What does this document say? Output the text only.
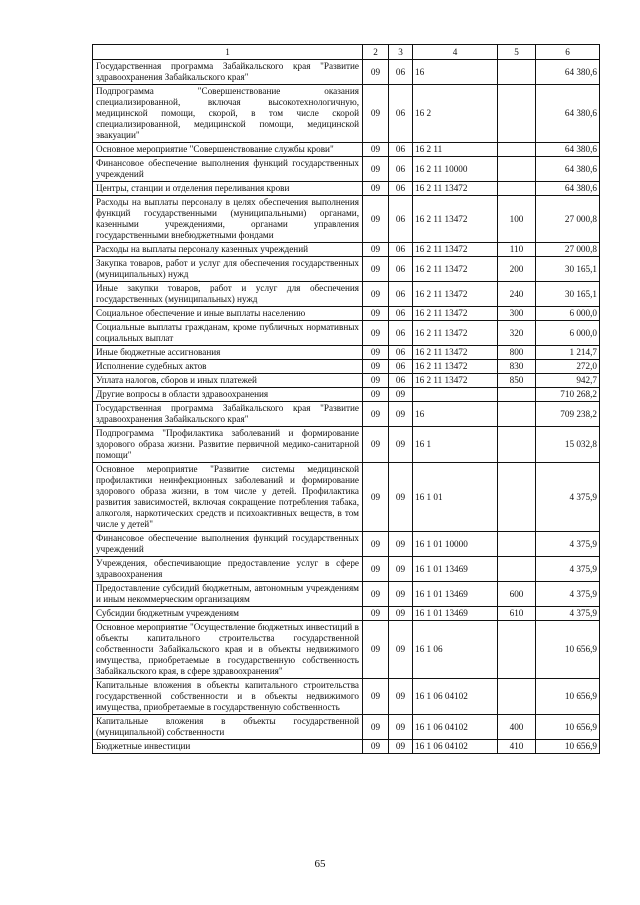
1	2	3	4	5	6
Государственная программа Забайкальского края "Развитие здравоохранения Забайкальского края"	09	06	16		64 380,6
Подпрограмма "Совершенствование оказания специализированной, включая высокотехнологичную, медицинской помощи, скорой, в том числе скорой специализированной, медицинской помощи, медицинской эвакуации"	09	06	16 2		64 380,6
Основное мероприятие "Совершенствование службы крови"	09	06	16 2 11		64 380,6
Финансовое обеспечение выполнения функций государственных учреждений	09	06	16 2 11 10000		64 380,6
Центры, станции и отделения переливания крови	09	06	16 2 11 13472		64 380,6
Расходы на выплаты персоналу в целях обеспечения выполнения функций государственными (муниципальными) органами, казенными учреждениями, органами управления государственными внебюджетными фондами	09	06	16 2 11 13472	100	27 000,8
Расходы на выплаты персоналу казенных учреждений	09	06	16 2 11 13472	110	27 000,8
Закупка товаров, работ и услуг для обеспечения государственных (муниципальных) нужд	09	06	16 2 11 13472	200	30 165,1
Иные закупки товаров, работ и услуг для обеспечения государственных (муниципальных) нужд	09	06	16 2 11 13472	240	30 165,1
Социальное обеспечение и иные выплаты населению	09	06	16 2 11 13472	300	6 000,0
Социальные выплаты гражданам, кроме публичных нормативных социальных выплат	09	06	16 2 11 13472	320	6 000,0
Иные бюджетные ассигнования	09	06	16 2 11 13472	800	1 214,7
Исполнение судебных актов	09	06	16 2 11 13472	830	272,0
Уплата налогов, сборов и иных платежей	09	06	16 2 11 13472	850	942,7
Другие вопросы в области здравоохранения	09	09			710 268,2
Государственная программа Забайкальского края "Развитие здравоохранения Забайкальского края"	09	09	16		709 238,2
Подпрограмма "Профилактика заболеваний и формирование здорового образа жизни. Развитие первичной медико-санитарной помощи"	09	09	16 1		15 032,8
Основное мероприятие "Развитие системы медицинской профилактики неинфекционных заболеваний и формирование здорового образа жизни, в том числе у детей. Профилактика развития зависимостей, включая сокращение потребления табака, алкоголя, наркотических средств и психоактивных веществ, в том числе у детей"	09	09	16 1 01		4 375,9
Финансовое обеспечение выполнения функций государственных учреждений	09	09	16 1 01 10000		4 375,9
Учреждения, обеспечивающие предоставление услуг в сфере здравоохранения	09	09	16 1 01 13469		4 375,9
Предоставление субсидий бюджетным, автономным учреждениям и иным некоммерческим организациям	09	09	16 1 01 13469	600	4 375,9
Субсидии бюджетным учреждениям	09	09	16 1 01 13469	610	4 375,9
Основное мероприятие "Осуществление бюджетных инвестиций в объекты капитального строительства государственной собственности Забайкальского края и в объекты недвижимого имущества, приобретаемые в государственную собственность Забайкальского края, в сфере здравоохранения"	09	09	16 1 06		10 656,9
Капитальные вложения в объекты капитального строительства государственной собственности и в объекты недвижимого имущества, приобретаемые в государственную собственность	09	09	16 1 06 04102		10 656,9
Капитальные вложения в объекты государственной (муниципальной) собственности	09	09	16 1 06 04102	400	10 656,9
Бюджетные инвестиции	09	09	16 1 06 04102	410	10 656,9
65
